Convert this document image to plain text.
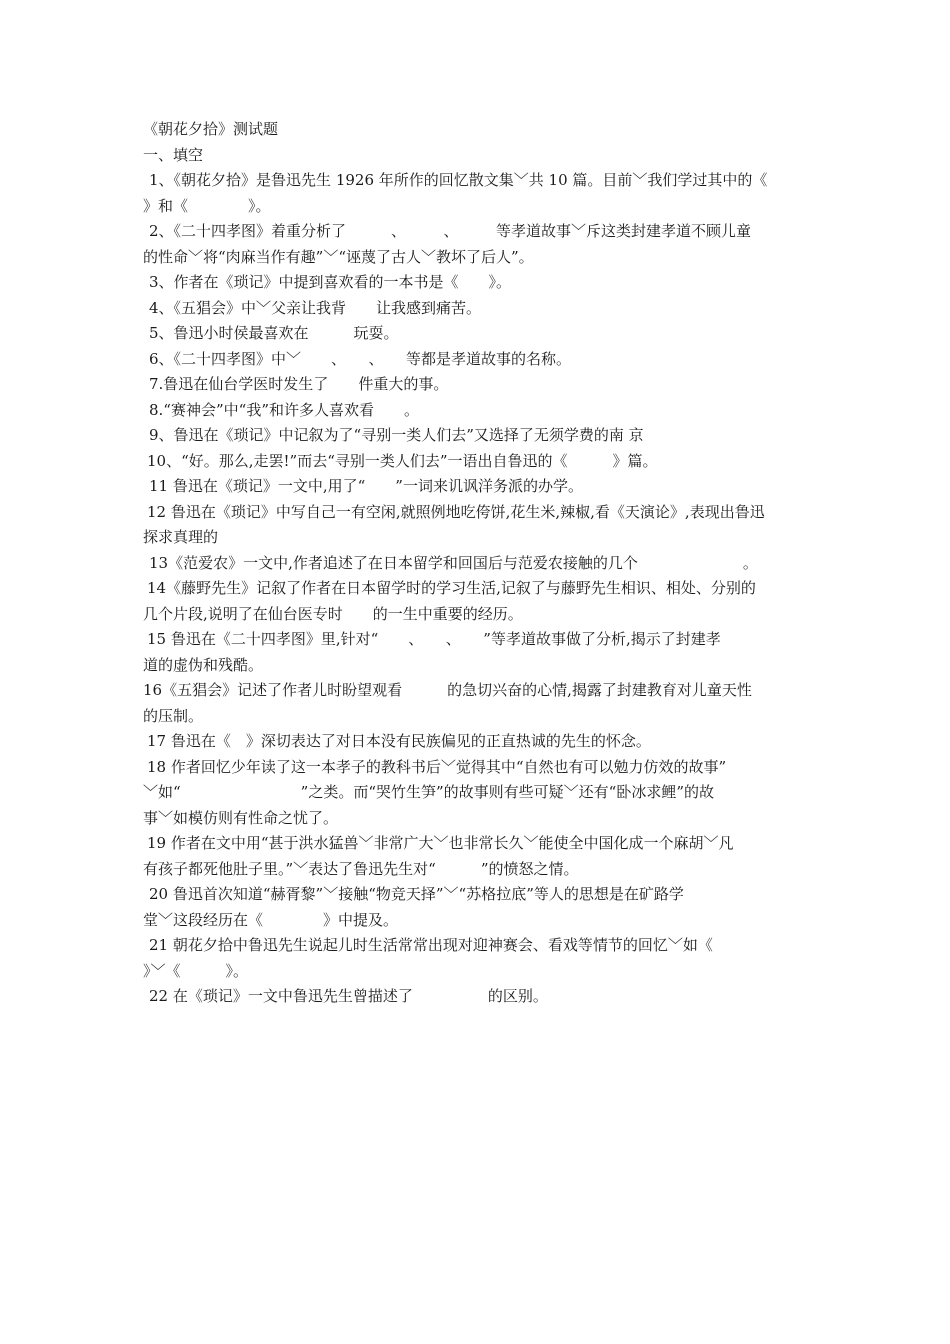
《朝花夕拾》测试题
一、填空
1、《朝花夕拾》是鲁迅先生 1926 年所作的回忆散文集﹀共 10 篇。目前﹀我们学过其中的《
》和《　　　　》。
2、《二十四孝图》着重分析了　　　、　　　、　　　等孝道故事﹀斥这类封建孝道不顾儿童
的性命﹀将“肉麻当作有趣”﹀“诬蔑了古人﹀教坏了后人”。
3、作者在《琐记》中提到喜欢看的一本书是《　　》。
4、《五猖会》中﹀父亲让我背　　让我感到痛苦。
5、鲁迅小时侯最喜欢在　　　玩耍。
6、《二十四孝图》中﹀　　、　　、　　等都是孝道故事的名称。
7.鲁迅在仙台学医时发生了　　件重大的事。
8.“赛神会”中“我”和许多人喜欢看　　。
9、鲁迅在《琐记》中记叙为了“寻别一类人们去”又选择了无须学费的南 京
10、“好。那么,走罢!”而去“寻别一类人们去”一语出自鲁迅的《　　　》篇。
11 鲁迅在《琐记》一文中,用了“　　”一词来讥讽洋务派的办学。
12 鲁迅在《琐记》中写自己一有空闲,就照例地吃侉饼,花生米,辣椒,看《天演论》,表现出鲁迅
探求真理的
13《范爱农》一文中,作者追述了在日本留学和回国后与范爱农接触的几个　　　　　　　。
14《藤野先生》记叙了作者在日本留学时的学习生活,记叙了与藤野先生相识、相处、分别的
几个片段,说明了在仙台医专时　　的一生中重要的经历。
15 鲁迅在《二十四孝图》里,针对“　　、　　、　　”等孝道故事做了分析,揭示了封建孝
道的虚伪和残酷。
16《五猖会》记述了作者儿时盼望观看　　　的急切兴奋的心情,揭露了封建教育对儿童天性
的压制。
17 鲁迅在《　》深切表达了对日本没有民族偏见的正直热诚的先生的怀念。
18 作者回忆少年读了这一本孝子的教科书后﹀觉得其中“自然也有可以勉力仿效的故事”
﹀如“　　　　　　　　”之类。而“哭竹生笋”的故事则有些可疑﹀还有“卧冰求鲤”的故
事﹀如模仿则有性命之忧了。
19 作者在文中用“甚于洪水猛兽﹀非常广大﹀也非常长久﹀能使全中国化成一个麻胡﹀凡
有孩子都死他肚子里。”﹀表达了鲁迅先生对“　　　”的愤怒之情。
20 鲁迅首次知道“赫胥黎”﹀接触“物竞天择”﹀“苏格拉底”等人的思想是在矿路学
堂﹀这段经历在《　　　　》中提及。
21 朝花夕拾中鲁迅先生说起儿时生活常常出现对迎神赛会、看戏等情节的回忆﹀如《
》﹀《　　　》。
22 在《琐记》一文中鲁迅先生曾描述了　　　　　的区别。
